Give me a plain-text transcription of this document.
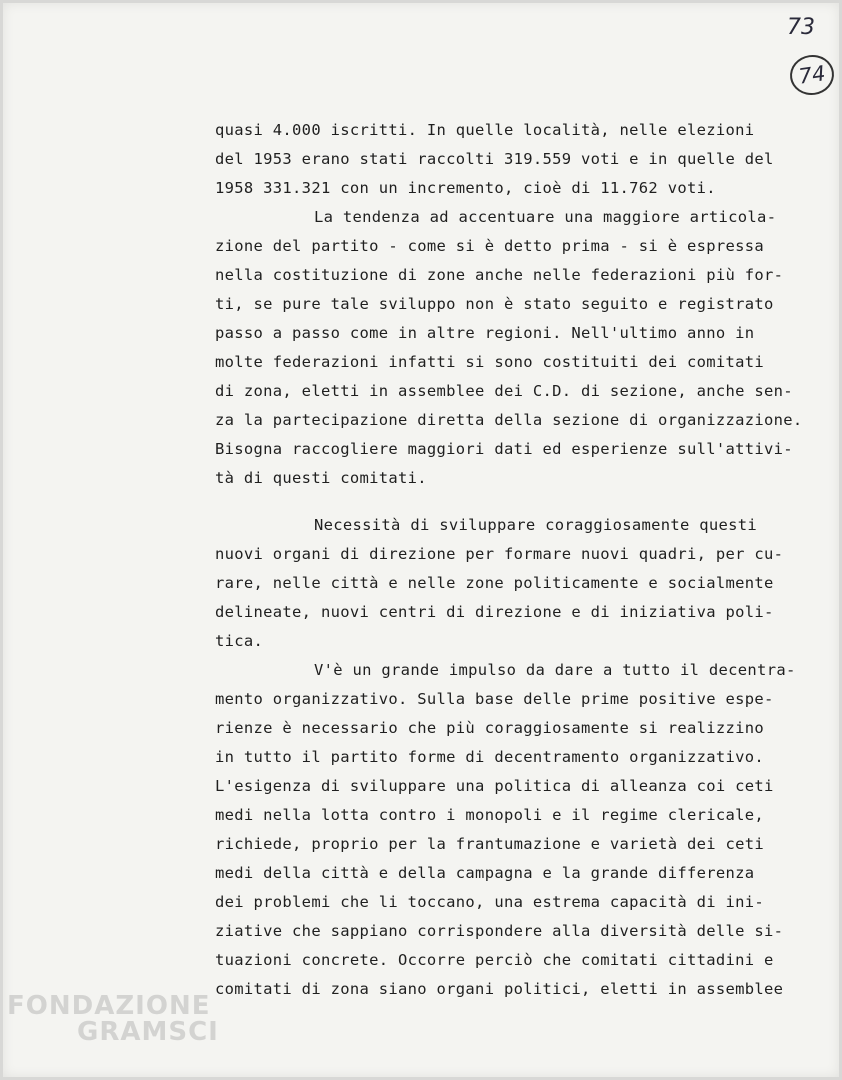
73
74
quasi 4.000 iscritti. In quelle località, nelle elezioni
del 1953 erano stati raccolti 319.559 voti e in quelle del
1958 331.321 con un incremento, cioè di 11.762 voti.
La tendenza ad accentuare una maggiore articola-
zione del partito - come si è detto prima - si è espressa
nella costituzione di zone anche nelle federazioni più for-
ti, se pure tale sviluppo non è stato seguito e registrato
passo a passo come in altre regioni. Nell'ultimo anno in
molte federazioni infatti si sono costituiti dei comitati
di zona, eletti in assemblee dei C.D. di sezione, anche sen-
za la partecipazione diretta della sezione di organizzazione.
Bisogna raccogliere maggiori dati ed esperienze sull'attivi-
tà di questi comitati.
Necessità di sviluppare coraggiosamente questi
nuovi organi di direzione per formare nuovi quadri, per cu-
rare, nelle città e nelle zone politicamente e socialmente
delineate, nuovi centri di direzione e di iniziativa poli-
tica.
V'è un grande impulso da dare a tutto il decentra-
mento organizzativo. Sulla base delle prime positive espe-
rienze è necessario che più coraggiosamente si realizzino
in tutto il partito forme di decentramento organizzativo.
L'esigenza di sviluppare una politica di alleanza coi ceti
medi nella lotta contro i monopoli e il regime clericale,
richiede, proprio per la frantumazione e varietà dei ceti
medi della città e della campagna e la grande differenza
dei problemi che li toccano, una estrema capacità di ini-
ziative che sappiano corrispondere alla diversità delle si-
tuazioni concrete. Occorre perciò che comitati cittadini e
comitati di zona siano organi politici, eletti in assemblee
FONDAZIONE
GRAMSCI
